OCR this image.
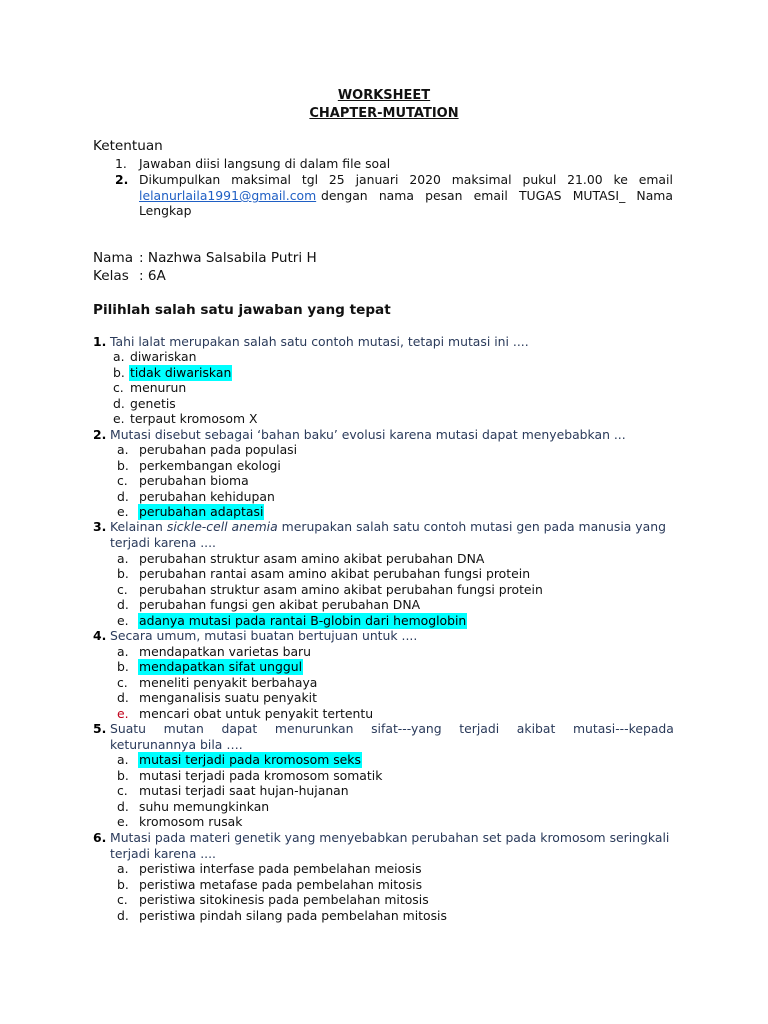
WORKSHEET
CHAPTER-MUTATION
Ketentuan
1. Jawaban diisi langsung di dalam file soal
2. Dikumpulkan maksimal tgl 25 januari 2020 maksimal pukul 21.00 ke email
lelanurlaila1991@gmail.com dengan nama pesan email TUGAS MUTASI_ Nama
Lengkap
Nama : Nazhwa Salsabila Putri H
Kelas : 6A
Pilihlah salah satu jawaban yang tepat
1. Tahi lalat merupakan salah satu contoh mutasi, tetapi mutasi ini ....
a. diwariskan
b. tidak diwariskan
c. menurun
d. genetis
e. terpaut kromosom X
2. Mutasi disebut sebagai ‘bahan baku’ evolusi karena mutasi dapat menyebabkan ...
a. perubahan pada populasi
b. perkembangan ekologi
c. perubahan bioma
d. perubahan kehidupan
e. perubahan adaptasi
3. Kelainan sickle-cell anemia merupakan salah satu contoh mutasi gen pada manusia yang
terjadi karena ....
a. perubahan struktur asam amino akibat perubahan DNA
b. perubahan rantai asam amino akibat perubahan fungsi protein
c. perubahan struktur asam amino akibat perubahan fungsi protein
d. perubahan fungsi gen akibat perubahan DNA
e. adanya mutasi pada rantai B-globin dari hemoglobin
4. Secara umum, mutasi buatan bertujuan untuk ....
a. mendapatkan varietas baru
b. mendapatkan sifat unggul
c. meneliti penyakit berbahaya
d. menganalisis suatu penyakit
e. mencari obat untuk penyakit tertentu
5. Suatu mutan dapat menurunkan sifat---yang terjadi akibat mutasi---kepada
keturunannya bila ….
a. mutasi terjadi pada kromosom seks
b. mutasi terjadi pada kromosom somatik
c. mutasi terjadi saat hujan-hujanan
d. suhu memungkinkan
e. kromosom rusak
6. Mutasi pada materi genetik yang menyebabkan perubahan set pada kromosom seringkali
terjadi karena ....
a. peristiwa interfase pada pembelahan meiosis
b. peristiwa metafase pada pembelahan mitosis
c. peristiwa sitokinesis pada pembelahan mitosis
d. peristiwa pindah silang pada pembelahan mitosis
